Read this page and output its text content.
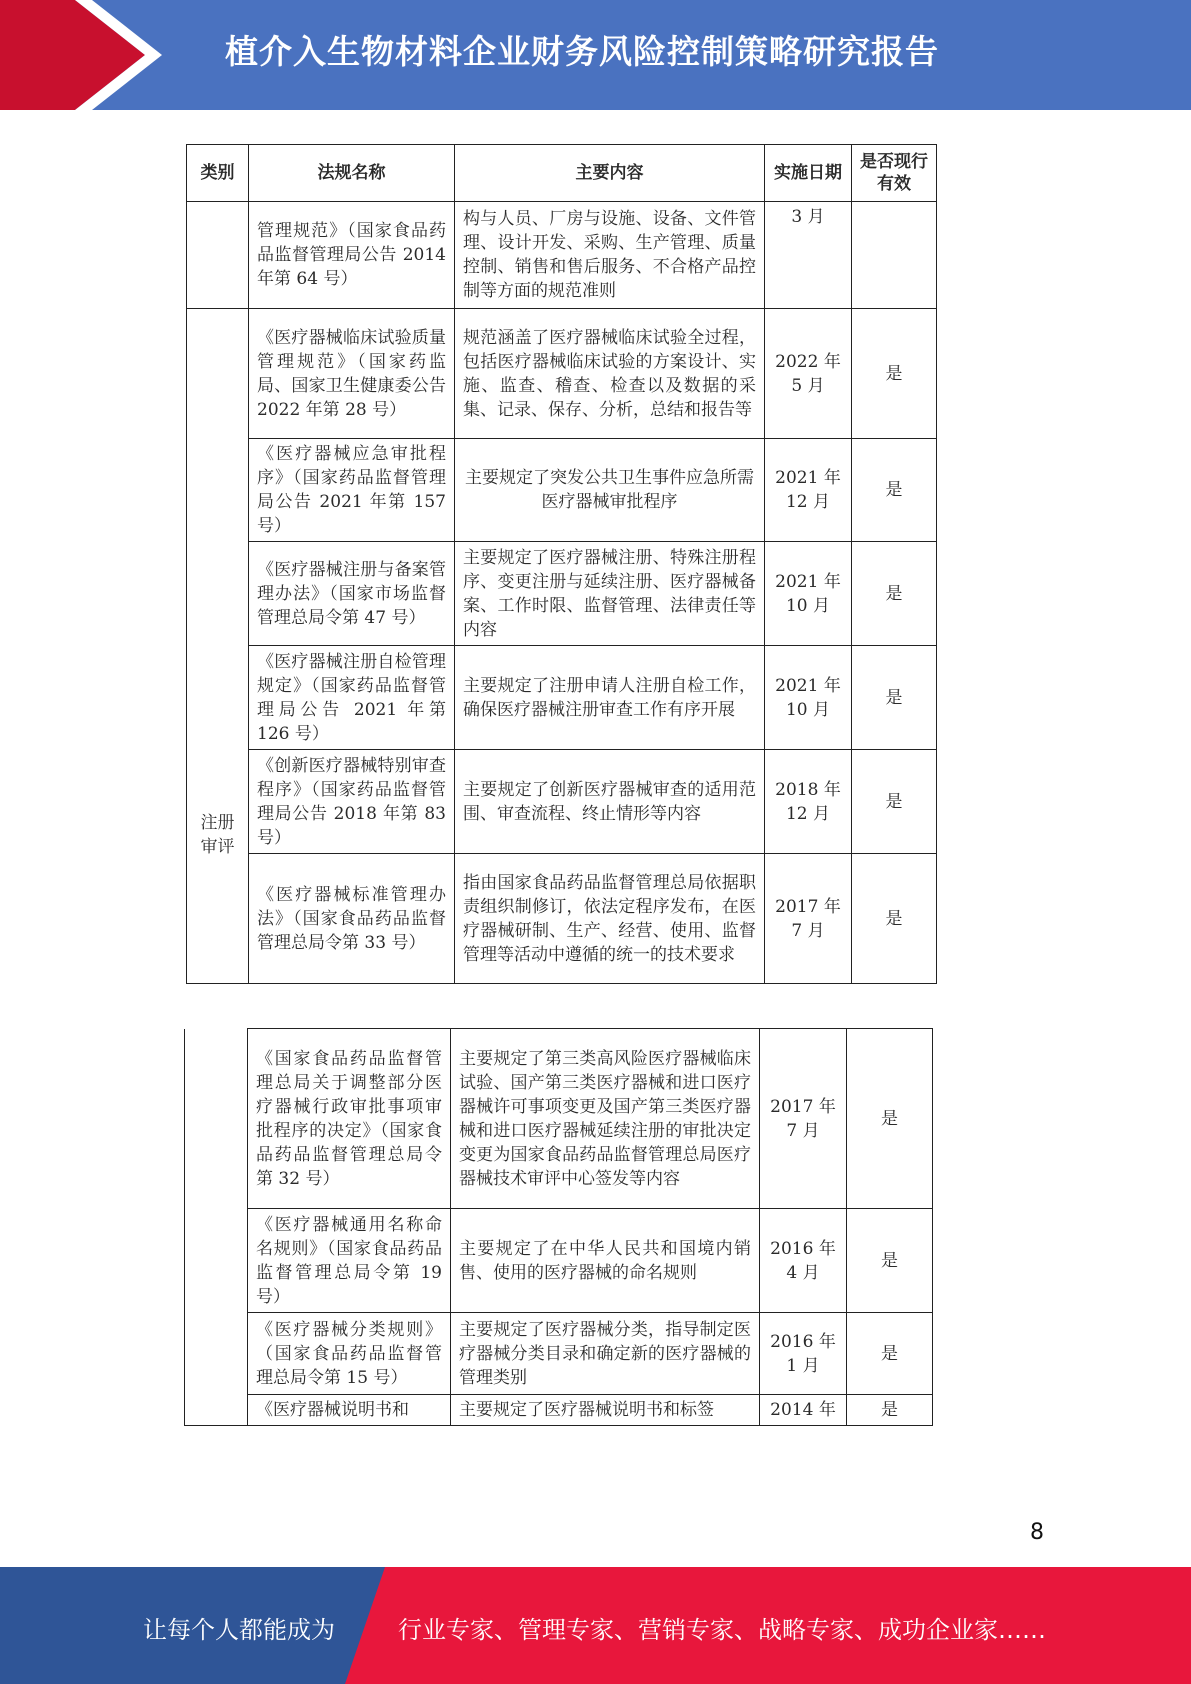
植介入生物材料企业财务风险控制策略研究报告
类别	法规名称	主要内容	实施日期	是否现行有效
	管理规范》（国家食品药品监督管理局公告 2014 年第 64 号）	构与人员、厂房与设施、设备、文件管理、设计开发、采购、生产管理、质量控制、销售和售后服务、不合格产品控制等方面的规范准则	3 月	
注册审评	《医疗器械临床试验质量管理规范》（国家药监局、国家卫生健康委公告 2022 年第 28 号）	规范涵盖了医疗器械临床试验全过程，包括医疗器械临床试验的方案设计、实施、监查、稽查、检查以及数据的采集、记录、保存、分析，总结和报告等	2022 年 5 月	是
	《医疗器械应急审批程序》（国家药品监督管理局公告 2021 年第 157 号）	主要规定了突发公共卫生事件应急所需医疗器械审批程序	2021 年 12 月	是
	《医疗器械注册与备案管理办法》（国家市场监督管理总局令第 47 号）	主要规定了医疗器械注册、特殊注册程序、变更注册与延续注册、医疗器械备案、工作时限、监督管理、法律责任等内容	2021 年 10 月	是
	《医疗器械注册自检管理规定》（国家药品监督管理局公告 2021 年第 126 号）	主要规定了注册申请人注册自检工作，确保医疗器械注册审查工作有序开展	2021 年 10 月	是
	《创新医疗器械特别审查程序》（国家药品监督管理局公告 2018 年第 83 号）	主要规定了创新医疗器械审查的适用范围、审查流程、终止情形等内容	2018 年 12 月	是
	《医疗器械标准管理办法》（国家食品药品监督管理总局令第 33 号）	指由国家食品药品监督管理总局依据职责组织制修订，依法定程序发布，在医疗器械研制、生产、经营、使用、监督管理等活动中遵循的统一的技术要求	2017 年 7 月	是
	《国家食品药品监督管理总局关于调整部分医疗器械行政审批事项审批程序的决定》（国家食品药品监督管理总局令第 32 号）	主要规定了第三类高风险医疗器械临床试验、国产第三类医疗器械和进口医疗器械许可事项变更及国产第三类医疗器械和进口医疗器械延续注册的审批决定变更为国家食品药品监督管理总局医疗器械技术审评中心签发等内容	2017 年 7 月	是
	《医疗器械通用名称命名规则》（国家食品药品监督管理总局令第 19 号）	主要规定了在中华人民共和国境内销售、使用的医疗器械的命名规则	2016 年 4 月	是
	《医疗器械分类规则》（国家食品药品监督管理总局令第 15 号）	主要规定了医疗器械分类，指导制定医疗器械分类目录和确定新的医疗器械的管理类别	2016 年 1 月	是
	《医疗器械说明书和	主要规定了医疗器械说明书和标签	2014 年	是
8
让每个人都能成为	行业专家、管理专家、营销专家、战略专家、成功企业家……
